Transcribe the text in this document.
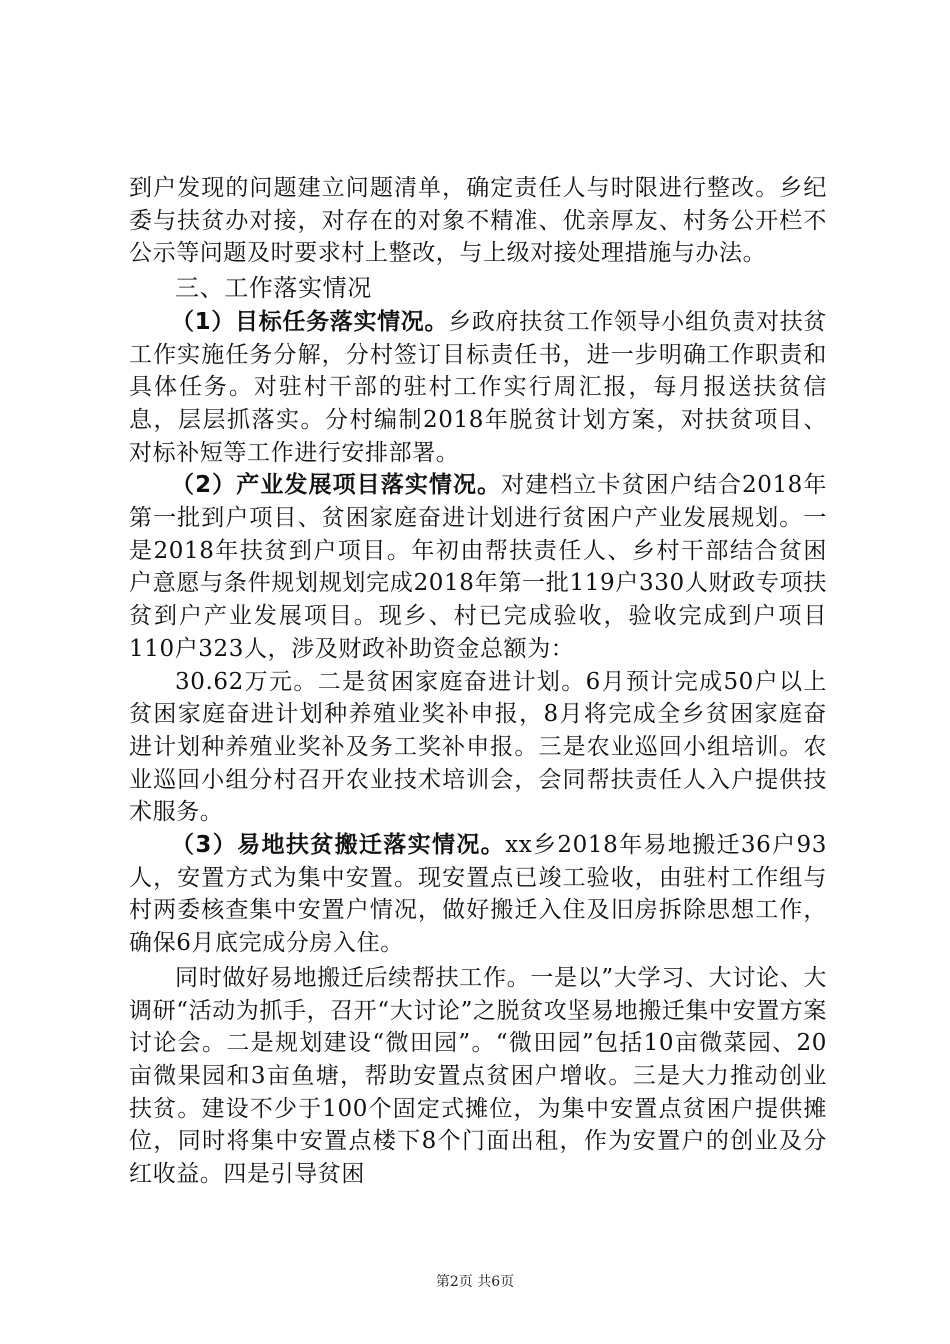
到户发现的问题建立问题清单，确定责任人与时限进行整改。乡纪委与扶贫办对接，对存在的对象不精准、优亲厚友、村务公开栏不公示等问题及时要求村上整改，与上级对接处理措施与办法。

三、工作落实情况

（1）目标任务落实情况。乡政府扶贫工作领导小组负责对扶贫工作实施任务分解，分村签订目标责任书，进一步明确工作职责和具体任务。对驻村干部的驻村工作实行周汇报，每月报送扶贫信息，层层抓落实。分村编制2018年脱贫计划方案，对扶贫项目、对标补短等工作进行安排部署。

（2）产业发展项目落实情况。对建档立卡贫困户结合2018年第一批到户项目、贫困家庭奋进计划进行贫困户产业发展规划。一是2018年扶贫到户项目。年初由帮扶责任人、乡村干部结合贫困户意愿与条件规划规划完成2018年第一批119户330人财政专项扶贫到户产业发展项目。现乡、村已完成验收，验收完成到户项目110户323人，涉及财政补助资金总额为：

30.62万元。二是贫困家庭奋进计划。6月预计完成50户以上贫困家庭奋进计划种养殖业奖补申报，8月将完成全乡贫困家庭奋进计划种养殖业奖补及务工奖补申报。三是农业巡回小组培训。农业巡回小组分村召开农业技术培训会，会同帮扶责任人入户提供技术服务。

（3）易地扶贫搬迁落实情况。xx乡2018年易地搬迁36户93人，安置方式为集中安置。现安置点已竣工验收，由驻村工作组与村两委核查集中安置户情况，做好搬迁入住及旧房拆除思想工作，确保6月底完成分房入住。

同时做好易地搬迁后续帮扶工作。一是以”大学习、大讨论、大调研“活动为抓手，召开“大讨论”之脱贫攻坚易地搬迁集中安置方案讨论会。二是规划建设“微田园”。“微田园”包括10亩微菜园、20亩微果园和3亩鱼塘，帮助安置点贫困户增收。三是大力推动创业扶贫。建设不少于100个固定式摊位，为集中安置点贫困户提供摊位，同时将集中安置点楼下8个门面出租，作为安置户的创业及分红收益。四是引导贫困

第2页 共6页
